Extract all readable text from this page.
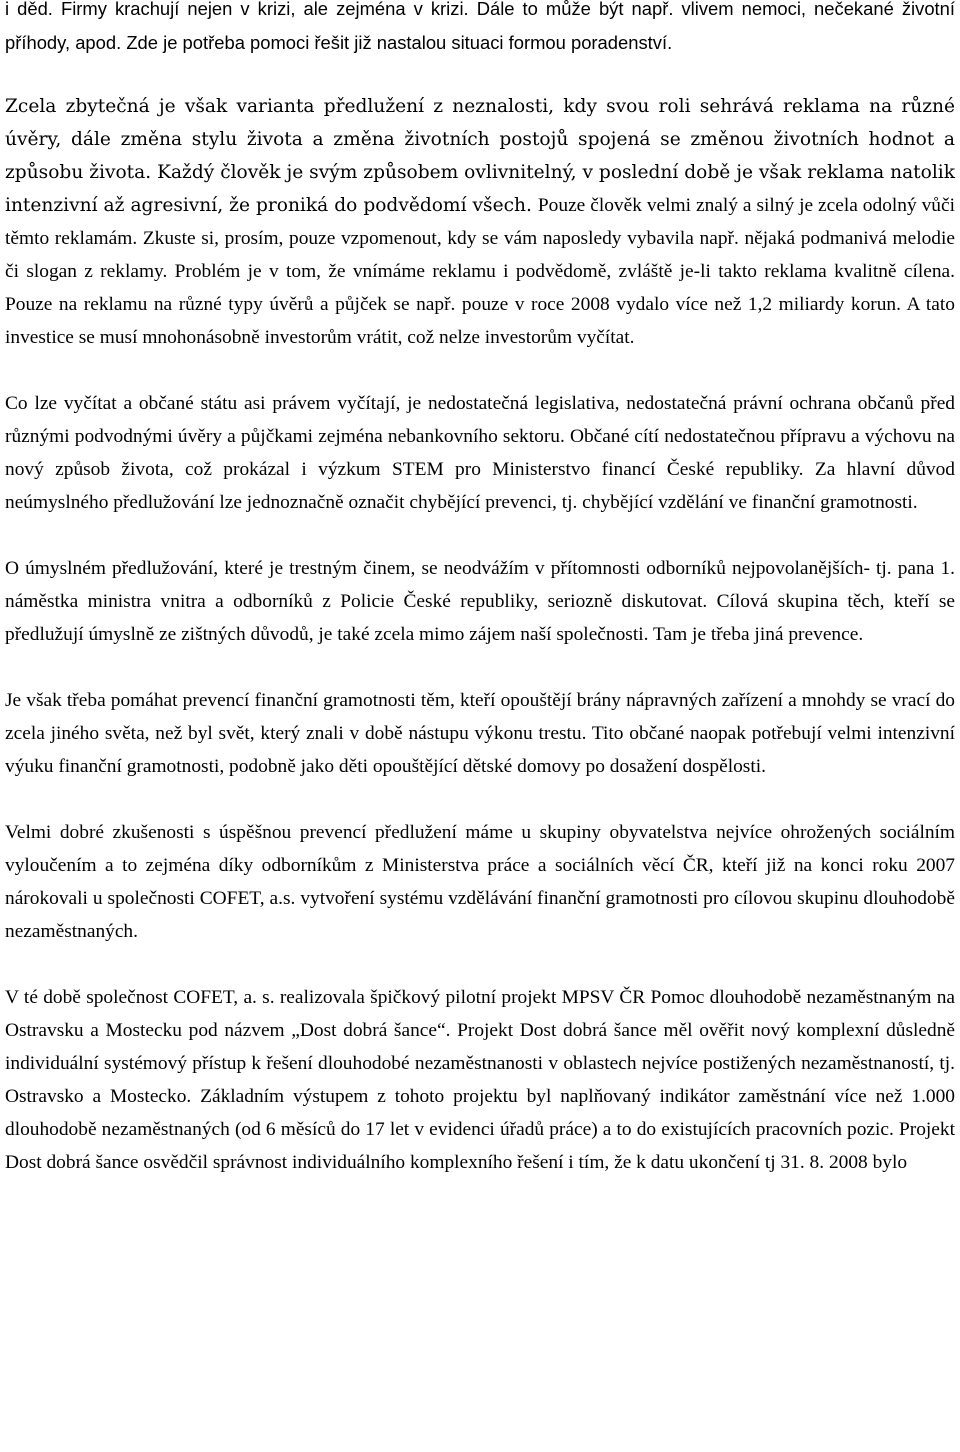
i děd. Firmy krachují nejen v krizi, ale zejména v krizi. Dále to může být např. vlivem nemoci, nečekané životní příhody, apod. Zde je potřeba pomoci řešit již nastalou situaci formou poradenství.

Zcela zbytečná je však varianta předlužení z neznalosti, kdy svou roli sehrává reklama na různé úvěry, dále změna stylu života a změna životních postojů spojená se změnou životních hodnot a způsobu života. Každý člověk je svým způsobem ovlivnitelný, v poslední době je však reklama natolik intenzivní až agresivní, že proniká do podvědomí všech. Pouze člověk velmi znalý a silný je zcela odolný vůči těmto reklamám. Zkuste si, prosím, pouze vzpomenout, kdy se vám naposledy vybavila např. nějaká podmanivá melodie či slogan z reklamy. Problém je v tom, že vnímáme reklamu i podvědomě, zvláště je-li takto reklama kvalitně cílena. Pouze na reklamu na různé typy úvěrů a půjček se např. pouze v roce 2008 vydalo více než 1,2 miliardy korun. A tato investice se musí mnohonásobně investorům vrátit, což nelze investorům vyčítat.

Co lze vyčítat a občané státu asi právem vyčítají, je nedostatečná legislativa, nedostatečná právní ochrana občanů před různými podvodnými úvěry a půjčkami zejména nebankovního sektoru. Občané cítí nedostatečnou přípravu a výchovu na nový způsob života, což prokázal i výzkum STEM pro Ministerstvo financí České republiky. Za hlavní důvod neúmyslného předlužování lze jednoznačně označit chybějící prevenci, tj. chybějící vzdělání ve finanční gramotnosti.

O úmyslném předlužování, které je trestným činem, se neodvážím v přítomnosti odborníků nejpovolanějších- tj. pana 1. náměstka ministra vnitra a odborníků z Policie České republiky, seriozně diskutovat. Cílová skupina těch, kteří se předlužují úmyslně ze zištných důvodů, je také zcela mimo zájem naší společnosti. Tam je třeba jiná prevence.

Je však třeba pomáhat prevencí finanční gramotnosti těm, kteří opouštějí brány nápravných zařízení a mnohdy se vrací do zcela jiného světa, než byl svět, který znali v době nástupu výkonu trestu. Tito občané naopak potřebují velmi intenzivní výuku finanční gramotnosti, podobně jako děti opouštějící dětské domovy po dosažení dospělosti.

Velmi dobré zkušenosti s úspěšnou prevencí předlužení máme u skupiny obyvatelstva nejvíce ohrožených sociálním vyloučením a to zejména díky odborníkům z Ministerstva práce a sociálních věcí ČR, kteří již na konci roku 2007 nárokovali u společnosti COFET, a.s. vytvoření systému vzdělávání finanční gramotnosti pro cílovou skupinu dlouhodobě nezaměstnaných.

V té době společnost COFET, a. s. realizovala špičkový pilotní projekt MPSV ČR Pomoc dlouhodobě nezaměstnaným na Ostravsku a Mostecku pod názvem „Dost dobrá šance“. Projekt Dost dobrá šance měl ověřit nový komplexní důsledně individuální systémový přístup k řešení dlouhodobé nezaměstnanosti v oblastech nejvíce postižených nezaměstnaností, tj. Ostravsko a Mostecko. Základním výstupem z tohoto projektu byl naplňovaný indikátor zaměstnání více než 1.000 dlouhodobě nezaměstnaných (od 6 měsíců do 17 let v evidenci úřadů práce) a to do existujících pracovních pozic. Projekt Dost dobrá šance osvědčil správnost individuálního komplexního řešení i tím, že k datu ukončení tj 31. 8. 2008 bylo
